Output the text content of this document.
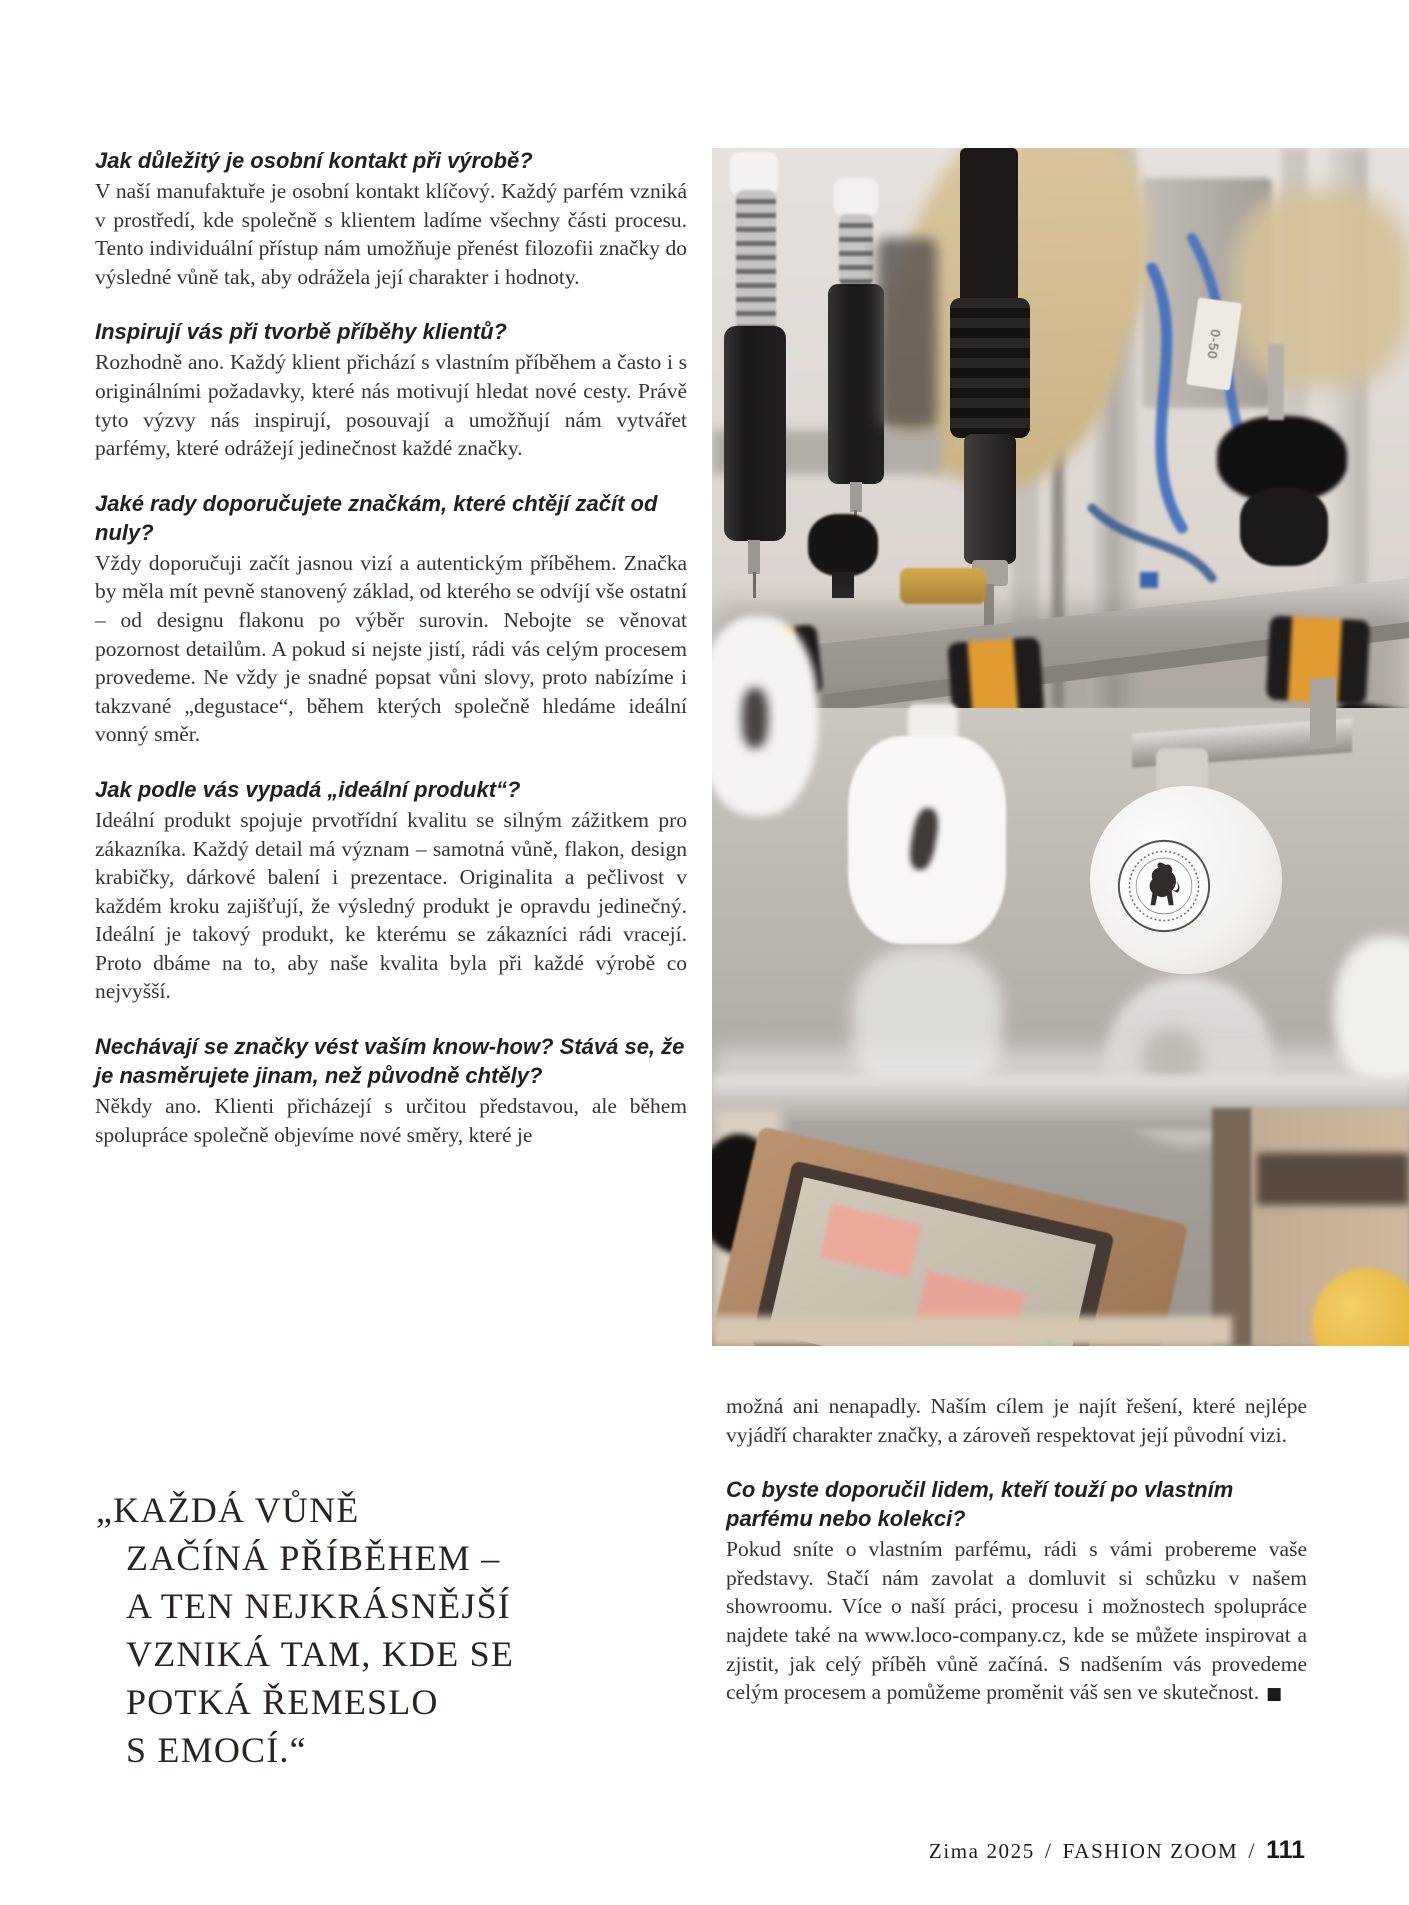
Jak důležitý je osobní kontakt při výrobě?

V naší manufaktuře je osobní kontakt klíčový. Každý parfém vzniká v prostředí, kde společně s klientem ladíme všechny části procesu. Tento individuální přístup nám umožňuje přenést filozofii značky do výsledné vůně tak, aby odrážela její charakter i hodnoty.

Inspirují vás při tvorbě příběhy klientů?

Rozhodně ano. Každý klient přichází s vlastním příběhem a často i s originálními požadavky, které nás motivují hledat nové cesty. Právě tyto výzvy nás inspirují, posouvají a umožňují nám vytvářet parfémy, které odrážejí jedinečnost každé značky.

Jaké rady doporučujete značkám, které chtějí začít od nuly?

Vždy doporučuji začít jasnou vizí a autentickým příběhem. Značka by měla mít pevně stanovený základ, od kterého se odvíjí vše ostatní – od designu flakonu po výběr surovin. Nebojte se věnovat pozornost detailům. A pokud si nejste jistí, rádi vás celým procesem provedeme. Ne vždy je snadné popsat vůni slovy, proto nabízíme i takzvané „degustace“, během kterých společně hledáme ideální vonný směr.

Jak podle vás vypadá „ideální produkt“?

Ideální produkt spojuje prvotřídní kvalitu se silným zážitkem pro zákazníka. Každý detail má význam – samotná vůně, flakon, design krabičky, dárkové balení i prezentace. Originalita a pečlivost v každém kroku zajišťují, že výsledný produkt je opravdu jedinečný. Ideální je takový produkt, ke kterému se zákazníci rádi vracejí. Proto dbáme na to, aby naše kvalita byla při každé výrobě co nejvyšší.

Nechávají se značky vést vaším know-how? Stává se, že je nasměrujete jinam, než původně chtěly?

Někdy ano. Klienti přicházejí s určitou představou, ale během spolupráce společně objevíme nové směry, které je

0-50
„KAŽDÁ VŮNĚ
ZAČÍNÁ PŘÍBĚHEM –
A TEN NEJKRÁSNĚJŠÍ
VZNIKÁ TAM, KDE SE
POTKÁ ŘEMESLO
S EMOCÍ.“

možná ani nenapadly. Naším cílem je najít řešení, které nejlépe vyjádří charakter značky, a zároveň respektovat její původní vizi.

Co byste doporučil lidem, kteří touží po vlastním parfému nebo kolekci?

Pokud sníte o vlastním parfému, rádi s vámi probereme vaše představy. Stačí nám zavolat a domluvit si schůzku v našem showroomu. Více o naší práci, procesu i možnostech spolupráce najdete také na www.loco-company.cz, kde se můžete inspirovat a zjistit, jak celý příběh vůně začíná. S nadšením vás provedeme celým procesem a pomůžeme proměnit váš sen ve skutečnost. ■

Zima 2025 / FASHION ZOOM / 111
